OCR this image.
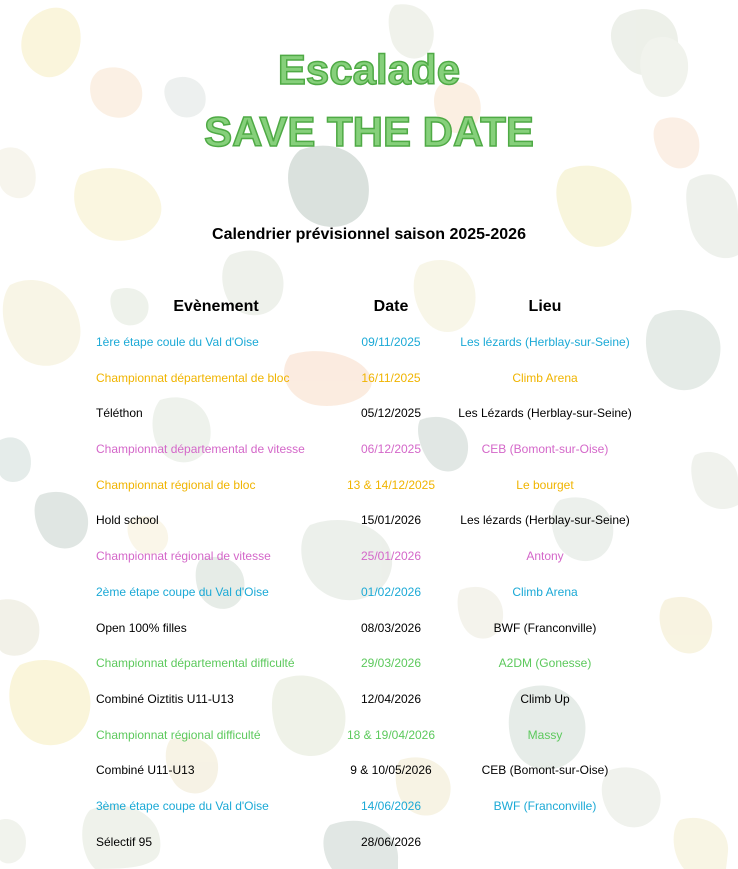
Escalade
SAVE THE DATE
Calendrier prévisionnel saison 2025-2026
Evènement	Date	Lieu
1ère étape coule du Val d'Oise	09/11/2025	Les lézards (Herblay-sur-Seine)
Championnat départemental de bloc	16/11/2025	Climb Arena
Téléthon	05/12/2025	Les Lézards (Herblay-sur-Seine)
Championnat départemental de vitesse	06/12/2025	CEB (Bomont-sur-Oise)
Championnat régional de bloc	13 & 14/12/2025	Le bourget
Hold school	15/01/2026	Les lézards (Herblay-sur-Seine)
Championnat régional de vitesse	25/01/2026	Antony
2ème étape coupe du Val d'Oise	01/02/2026	Climb Arena
Open 100% filles	08/03/2026	BWF (Franconville)
Championnat départemental difficulté	29/03/2026	A2DM (Gonesse)
Combiné Oiztitis U11-U13	12/04/2026	Climb Up
Championnat régional difficulté	18 & 19/04/2026	Massy
Combiné U11-U13	9 & 10/05/2026	CEB (Bomont-sur-Oise)
3ème étape coupe du Val d'Oise	14/06/2026	BWF (Franconville)
Sélectif 95	28/06/2026
